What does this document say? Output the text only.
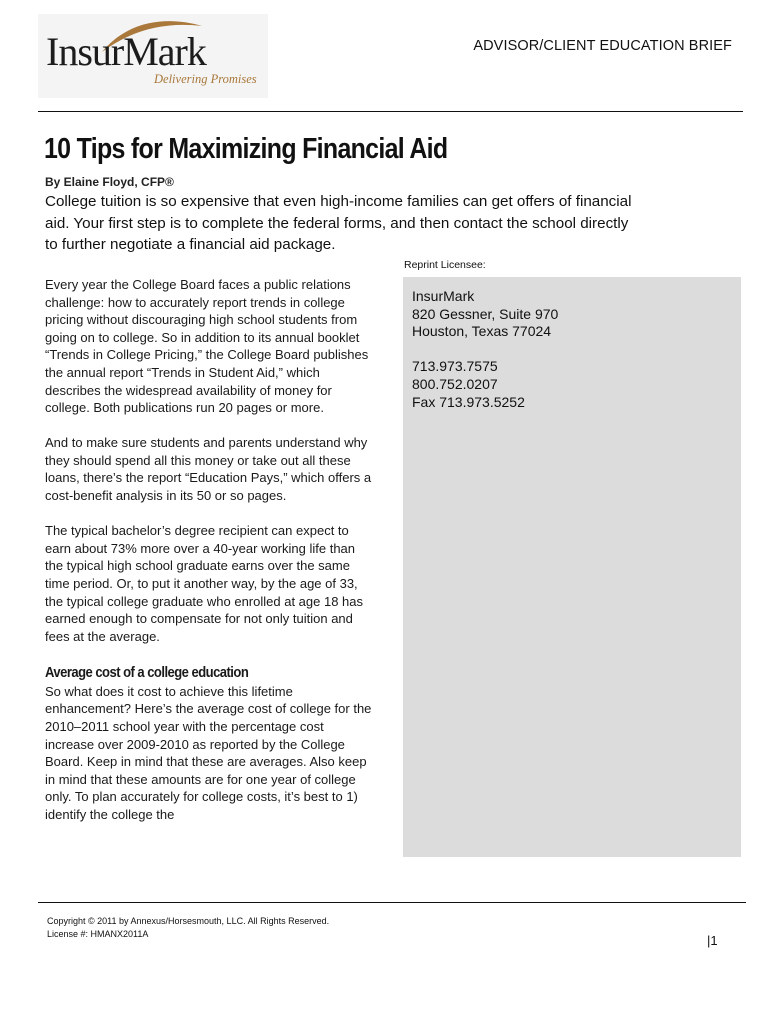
InsurMark
Delivering Promises
ADVISOR/CLIENT EDUCATION BRIEF
10 Tips for Maximizing Financial Aid
By Elaine Floyd, CFP®
College tuition is so expensive that even high-income families can get offers of financial aid. Your first step is to complete the federal forms, and then contact the school directly to further negotiate a financial aid package.

Every year the College Board faces a public relations challenge: how to accurately report trends in college pricing without discouraging high school students from going on to college. So in addition to its annual booklet “Trends in College Pricing,” the College Board publishes the annual report “Trends in Student Aid,” which describes the widespread availability of money for college. Both publications run 20 pages or more.

And to make sure students and parents understand why they should spend all this money or take out all these loans, there’s the report “Education Pays,” which offers a cost-benefit analysis in its 50 or so pages.

The typical bachelor’s degree recipient can expect to earn about 73% more over a 40-year working life than the typical high school graduate earns over the same time period. Or, to put it another way, by the age of 33, the typical college graduate who enrolled at age 18 has earned enough to compensate for not only tuition and fees at the average.

Average cost of a college education

So what does it cost to achieve this lifetime enhancement? Here’s the average cost of college for the 2010–2011 school year with the percentage cost increase over 2009-2010 as reported by the College Board. Keep in mind that these are averages. Also keep in mind that these amounts are for one year of college only. To plan accurately for college costs, it’s best to 1) identify the college the

Reprint Licensee:
InsurMark
820 Gessner, Suite 970
Houston, Texas 77024
713.973.7575
800.752.0207
Fax 713.973.5252
Copyright © 2011 by Annexus/Horsesmouth, LLC. All Rights Reserved.
License #: HMANX2011A	|1
